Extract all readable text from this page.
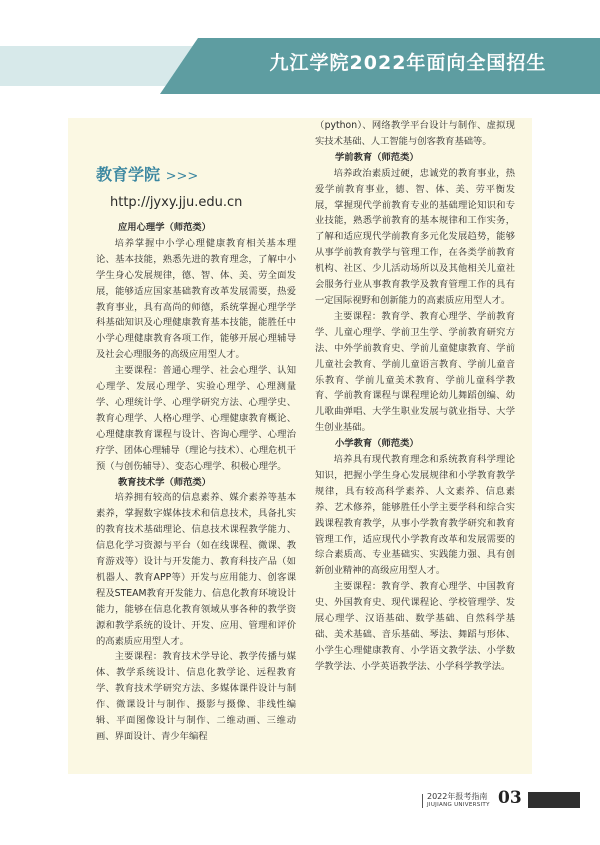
九江学院2022年面向全国招生
教育学院 >>>

http://jyxy.jju.edu.cn

应用心理学（师范类）

培养掌握中小学心理健康教育相关基本理论、基本技能，熟悉先进的教育理念，了解中小学生身心发展规律，德、智、体、美、劳全面发展，能够适应国家基础教育改革发展需要，热爱教育事业，具有高尚的师德，系统掌握心理学学科基础知识及心理健康教育基本技能，能胜任中小学心理健康教育各项工作，能够开展心理辅导及社会心理服务的高级应用型人才。

主要课程：普通心理学、社会心理学、认知心理学、发展心理学、实验心理学、心理测量学、心理统计学、心理学研究方法、心理学史、教育心理学、人格心理学、心理健康教育概论、心理健康教育课程与设计、咨询心理学、心理治疗学、团体心理辅导（理论与技术）、心理危机干预（与创伤辅导）、变态心理学、积极心理学。

教育技术学（师范类）

培养拥有较高的信息素养、媒介素养等基本素养，掌握数字媒体技术和信息技术，具备扎实的教育技术基础理论、信息技术课程教学能力、信息化学习资源与平台（如在线课程、微课、教育游戏等）设计与开发能力、教育科技产品（如机器人、教育APP等）开发与应用能力、创客课程及STEAM教育开发能力、信息化教育环境设计能力，能够在信息化教育领域从事各种的教学资源和教学系统的设计、开发、应用、管理和评价的高素质应用型人才。

主要课程：教育技术学导论、教学传播与媒体、教学系统设计、信息化教学论、远程教育学、教育技术学研究方法、多媒体课件设计与制作、微课设计与制作、摄影与摄像、非线性编辑、平面图像设计与制作、二维动画、三维动画、界面设计、青少年编程

（python）、网络教学平台设计与制作、虚拟现实技术基础、人工智能与创客教育基础等。

学前教育（师范类）

培养政治素质过硬，忠诚党的教育事业，热爱学前教育事业，德、智、体、美、劳平衡发展，掌握现代学前教育专业的基础理论知识和专业技能，熟悉学前教育的基本规律和工作实务，了解和适应现代学前教育多元化发展趋势，能够从事学前教育教学与管理工作，在各类学前教育机构、社区、少儿活动场所以及其他相关儿童社会服务行业从事教育教学及教育管理工作的具有一定国际视野和创新能力的高素质应用型人才。

主要课程：教育学、教育心理学、学前教育学、儿童心理学、学前卫生学、学前教育研究方法、中外学前教育史、学前儿童健康教育、学前儿童社会教育、学前儿童语言教育、学前儿童音乐教育、学前儿童美术教育、学前儿童科学教育、学前教育课程与课程理论幼儿舞蹈创编、幼儿歌曲弹唱、大学生职业发展与就业指导、大学生创业基础。

小学教育（师范类）

培养具有现代教育理念和系统教育科学理论知识，把握小学生身心发展规律和小学教育教学规律，具有较高科学素养、人文素养、信息素养、艺术修养，能够胜任小学主要学科和综合实践课程教育教学，从事小学教育教学研究和教育管理工作，适应现代小学教育改革和发展需要的综合素质高、专业基础实、实践能力强、具有创新创业精神的高级应用型人才。

主要课程：教育学、教育心理学、中国教育史、外国教育史、现代课程论、学校管理学、发展心理学、汉语基础、数学基础、自然科学基础、美术基础、音乐基础、琴法、舞蹈与形体、小学生心理健康教育、小学语文教学法、小学数学教学法、小学英语教学法、小学科学教学法。

2022年报考指南
JIUJIANG UNIVERSITY 03
